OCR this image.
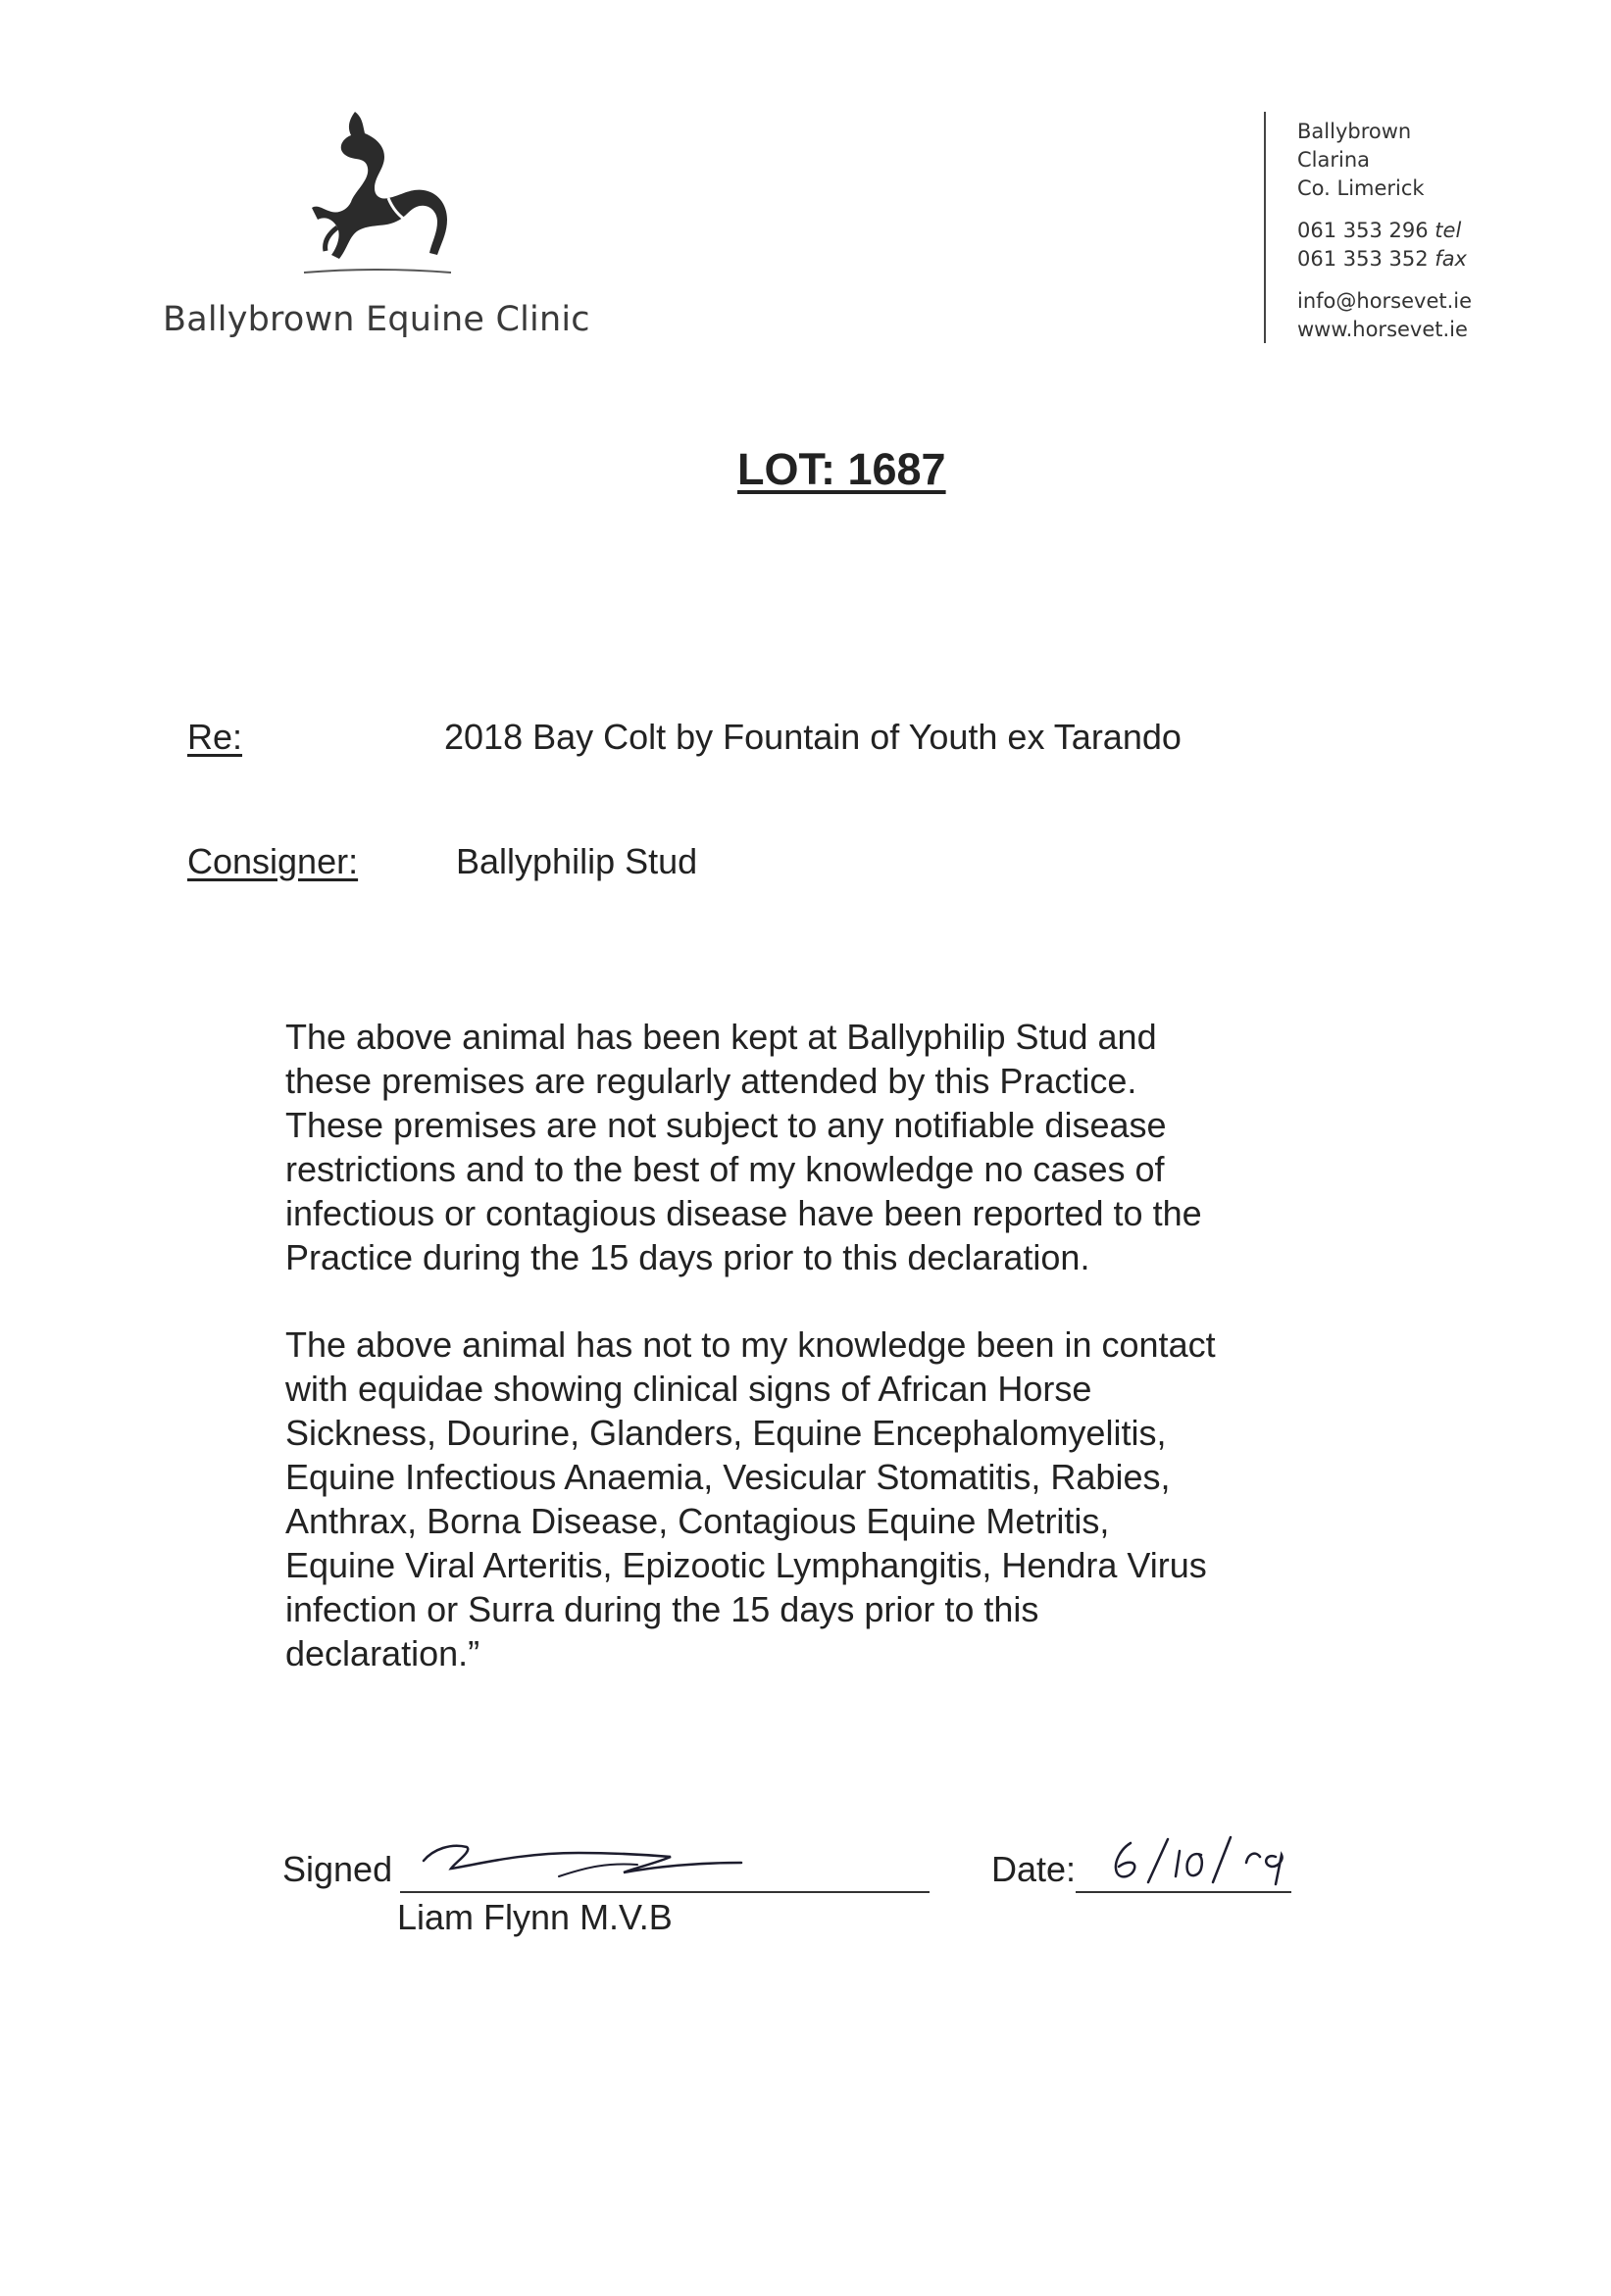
Ballybrown Equine Clinic
Ballybrown
Clarina
Co. Limerick
061 353 296 tel
061 353 352 fax
info@horsevet.ie
www.horsevet.ie
LOT: 1687
Re:	2018 Bay Colt by Fountain of Youth ex Tarando
Consigner:	Ballyphilip Stud
The above animal has been kept at Ballyphilip Stud and
these premises are regularly attended by this Practice.
These premises are not subject to any notifiable disease
restrictions and to the best of my knowledge no cases of
infectious or contagious disease have been reported to the
Practice during the 15 days prior to this declaration.
The above animal has not to my knowledge been in contact
with equidae showing clinical signs of African Horse
Sickness, Dourine, Glanders, Equine Encephalomyelitis,
Equine Infectious Anaemia, Vesicular Stomatitis, Rabies,
Anthrax, Borna Disease, Contagious Equine Metritis,
Equine Viral Arteritis, Epizootic Lymphangitis, Hendra Virus
infection or Surra during the 15 days prior to this
declaration.”
Signed
Liam Flynn M.V.B
Date:
